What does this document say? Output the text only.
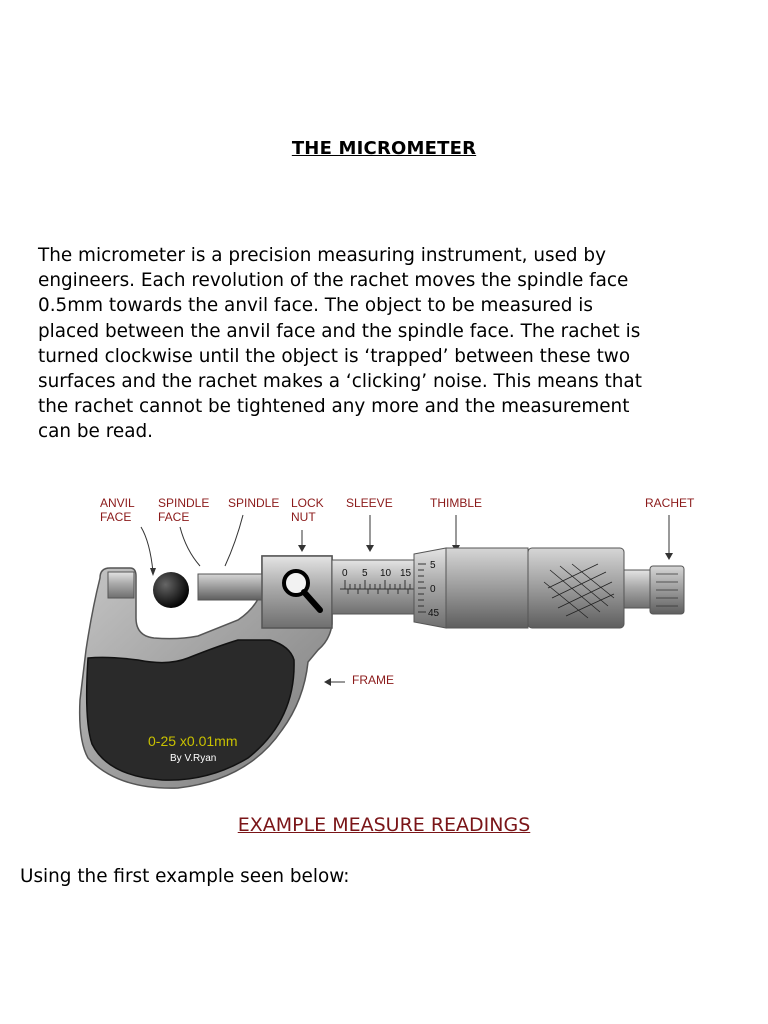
THE MICROMETER
The micrometer is a precision measuring instrument, used by
engineers. Each revolution of the rachet moves the spindle face
0.5mm towards the anvil face. The object to be measured is
placed between the anvil face and the spindle face. The rachet is
turned clockwise until the object is ‘trapped’ between these two
surfaces and the rachet makes a ‘clicking’ noise. This means that
the rachet cannot be tightened any more and the measurement
can be read.
ANVIL
FACE
SPINDLE
FACE
SPINDLE LOCK
NUT
SLEEVE	THIMBLE	RACHET
FRAME
0 5 10 15
5
0
45
0-25 x0.01mm
By V.Ryan
EXAMPLE MEASURE READINGS
Using the first example seen below:
